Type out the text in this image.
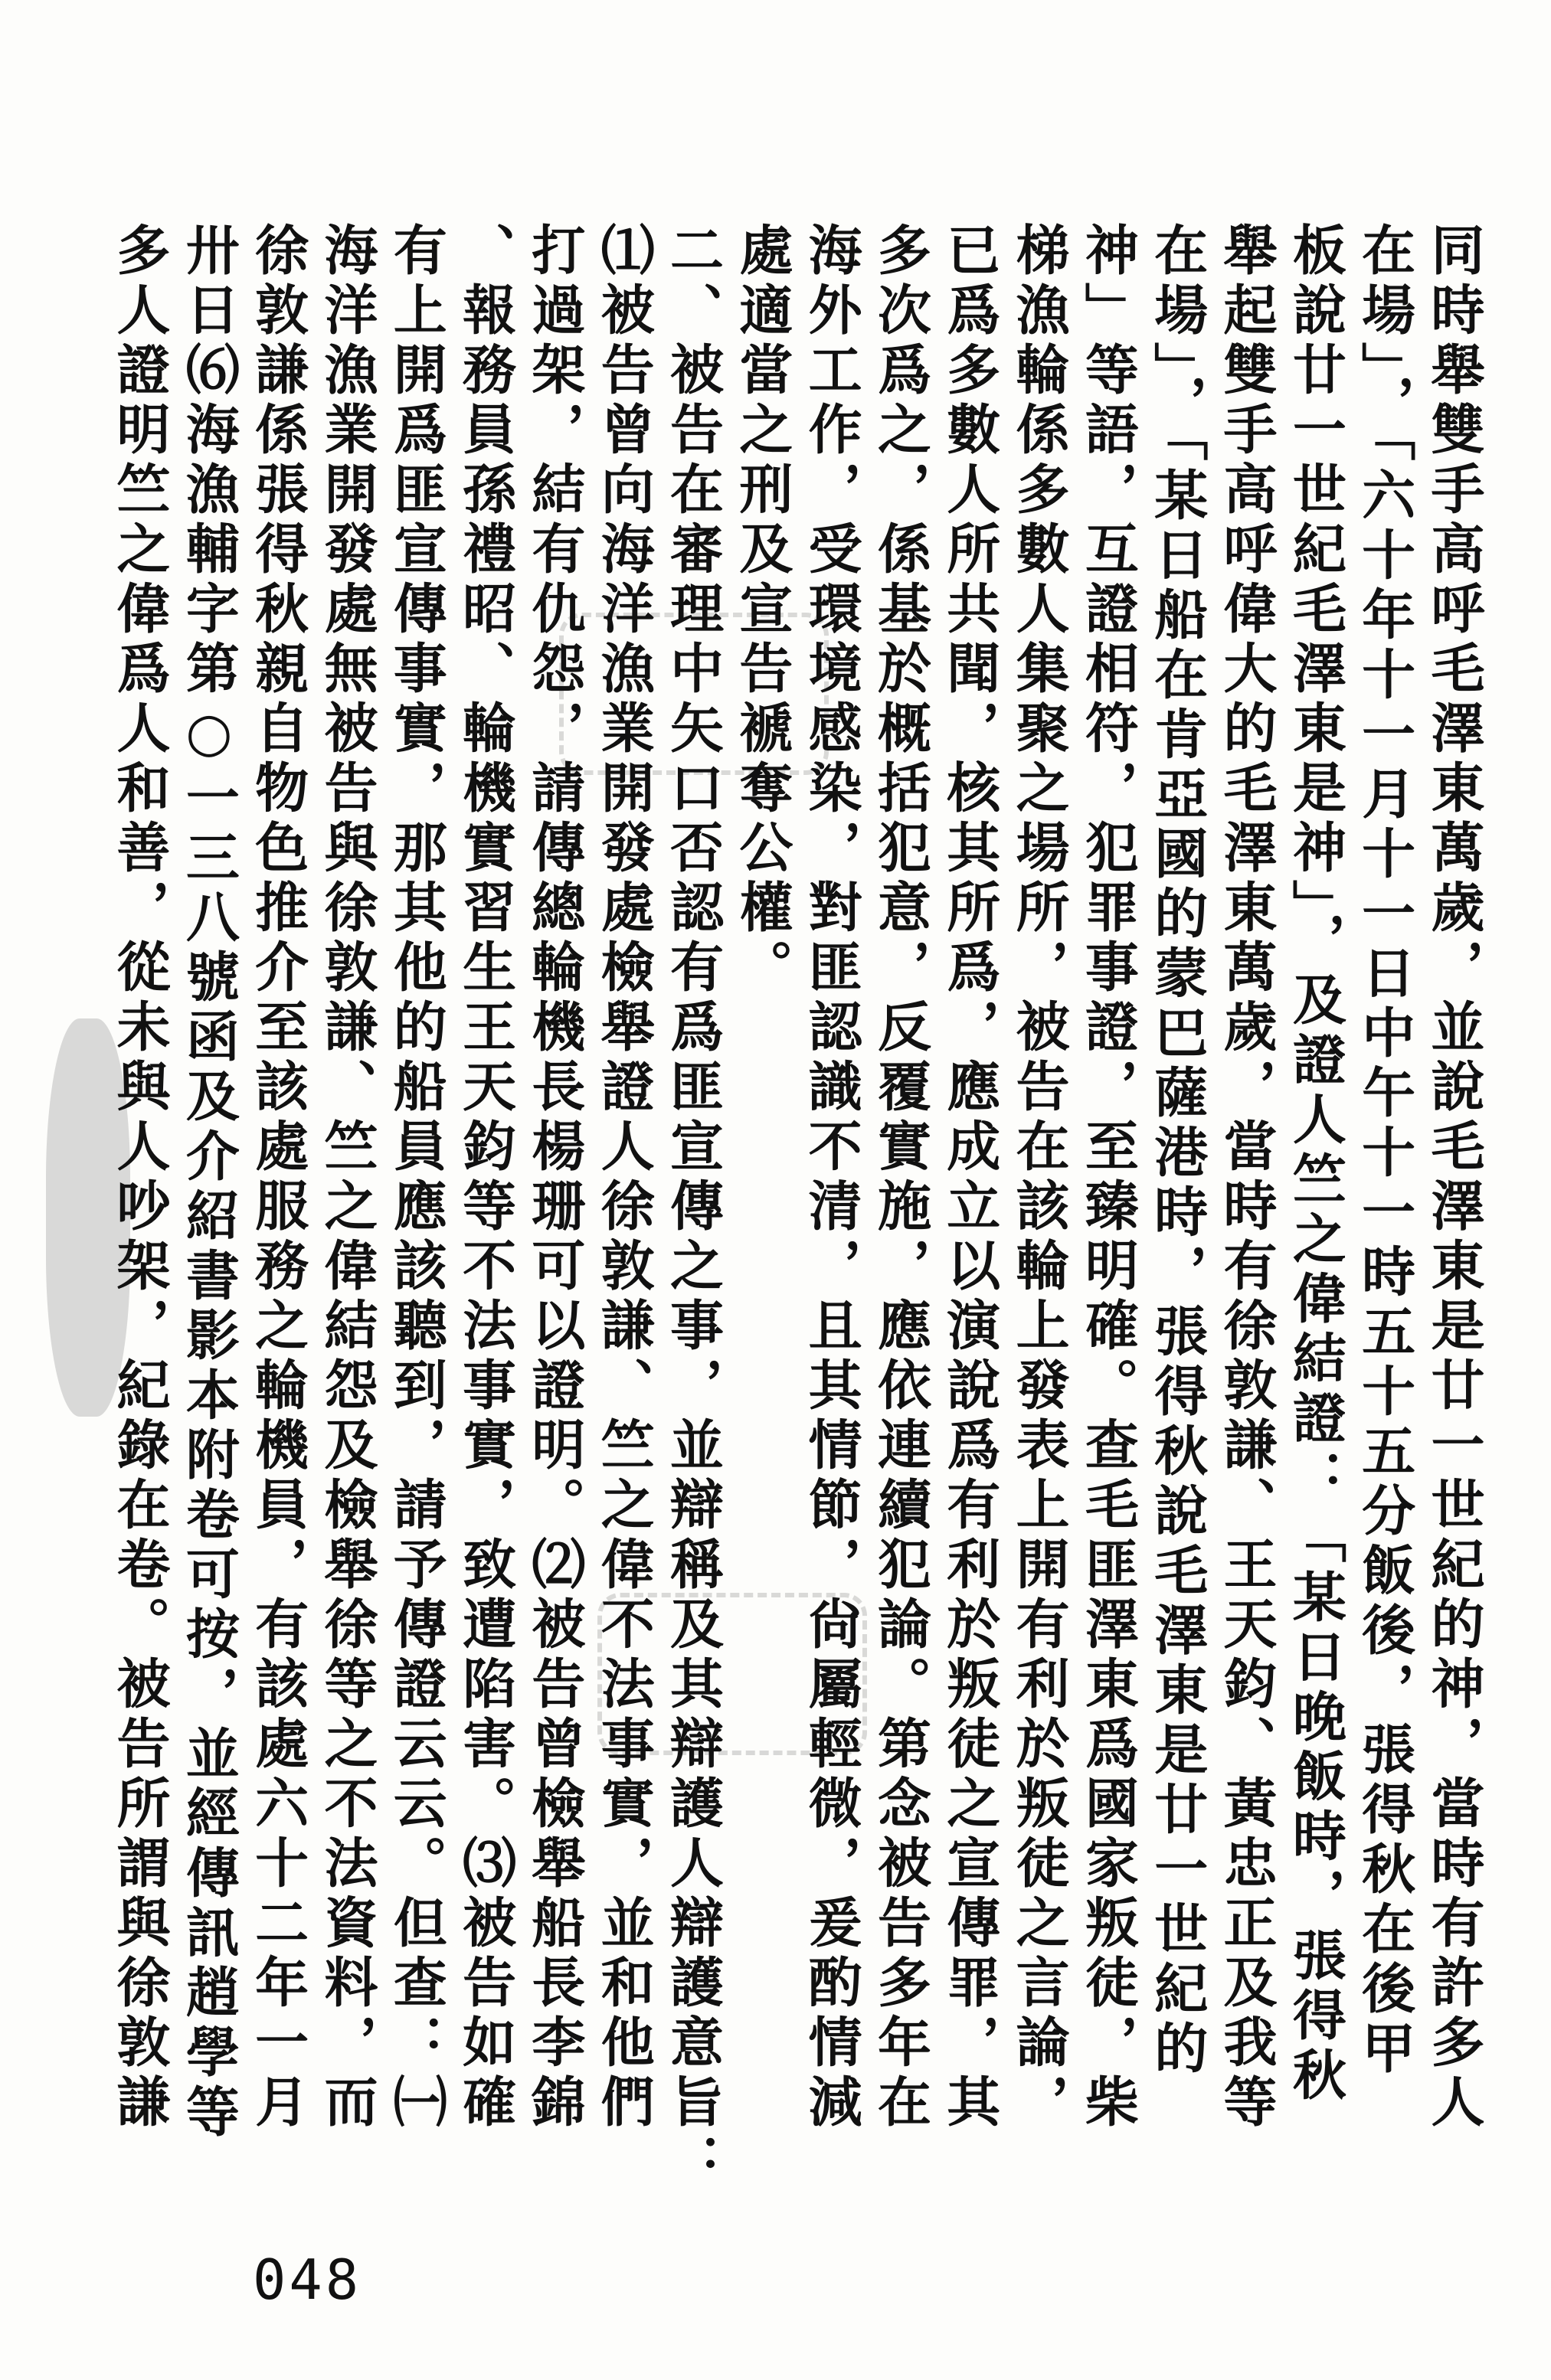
同時舉雙手高呼毛澤東萬歲，並說毛澤東是廿一世紀的神，當時有許多人

在場」，「六十年十一月十一日中午十一時五十五分飯後，張得秋在後甲

板說廿一世紀毛澤東是神」，及證人竺之偉結證：「某日晚飯時，張得秋

舉起雙手高呼偉大的毛澤東萬歲，當時有徐敦謙、王天鈞、黃忠正及我等

在場」，「某日船在肯亞國的蒙巴薩港時，張得秋說毛澤東是廿一世紀的

神」等語，互證相符，犯罪事證，至臻明確。查毛匪澤東爲國家叛徒，柴

梯漁輪係多數人集聚之場所，被告在該輪上發表上開有利於叛徒之言論，

已爲多數人所共聞，核其所爲，應成立以演說爲有利於叛徒之宣傳罪，其

多次爲之，係基於概括犯意，反覆實施，應依連續犯論。第念被告多年在

海外工作，受環境感染，對匪認識不清，且其情節，尙屬輕微，爰酌情減

處適當之刑及宣告褫奪公權。

二、被告在審理中矢口否認有爲匪宣傳之事，並辯稱及其辯護人辯護意旨：

⑴被告曾向海洋漁業開發處檢舉證人徐敦謙、竺之偉不法事實，並和他們

打過架，結有仇怨，請傳總輪機長楊珊可以證明。⑵被告曾檢舉船長李錦

、報務員孫禮昭、輪機實習生王天鈞等不法事實，致遭陷害。⑶被告如確

有上開爲匪宣傳事實，那其他的船員應該聽到，請予傳證云云。但查：㈠

海洋漁業開發處無被告與徐敦謙、竺之偉結怨及檢舉徐等之不法資料，而

徐敦謙係張得秋親自物色推介至該處服務之輪機員，有該處六十二年一月

卅日⑹海漁輔字第○一三八號函及介紹書影本附卷可按，並經傳訊趙學等

多人證明竺之偉爲人和善，從未與人吵架，紀錄在卷。被告所謂與徐敦謙

048
